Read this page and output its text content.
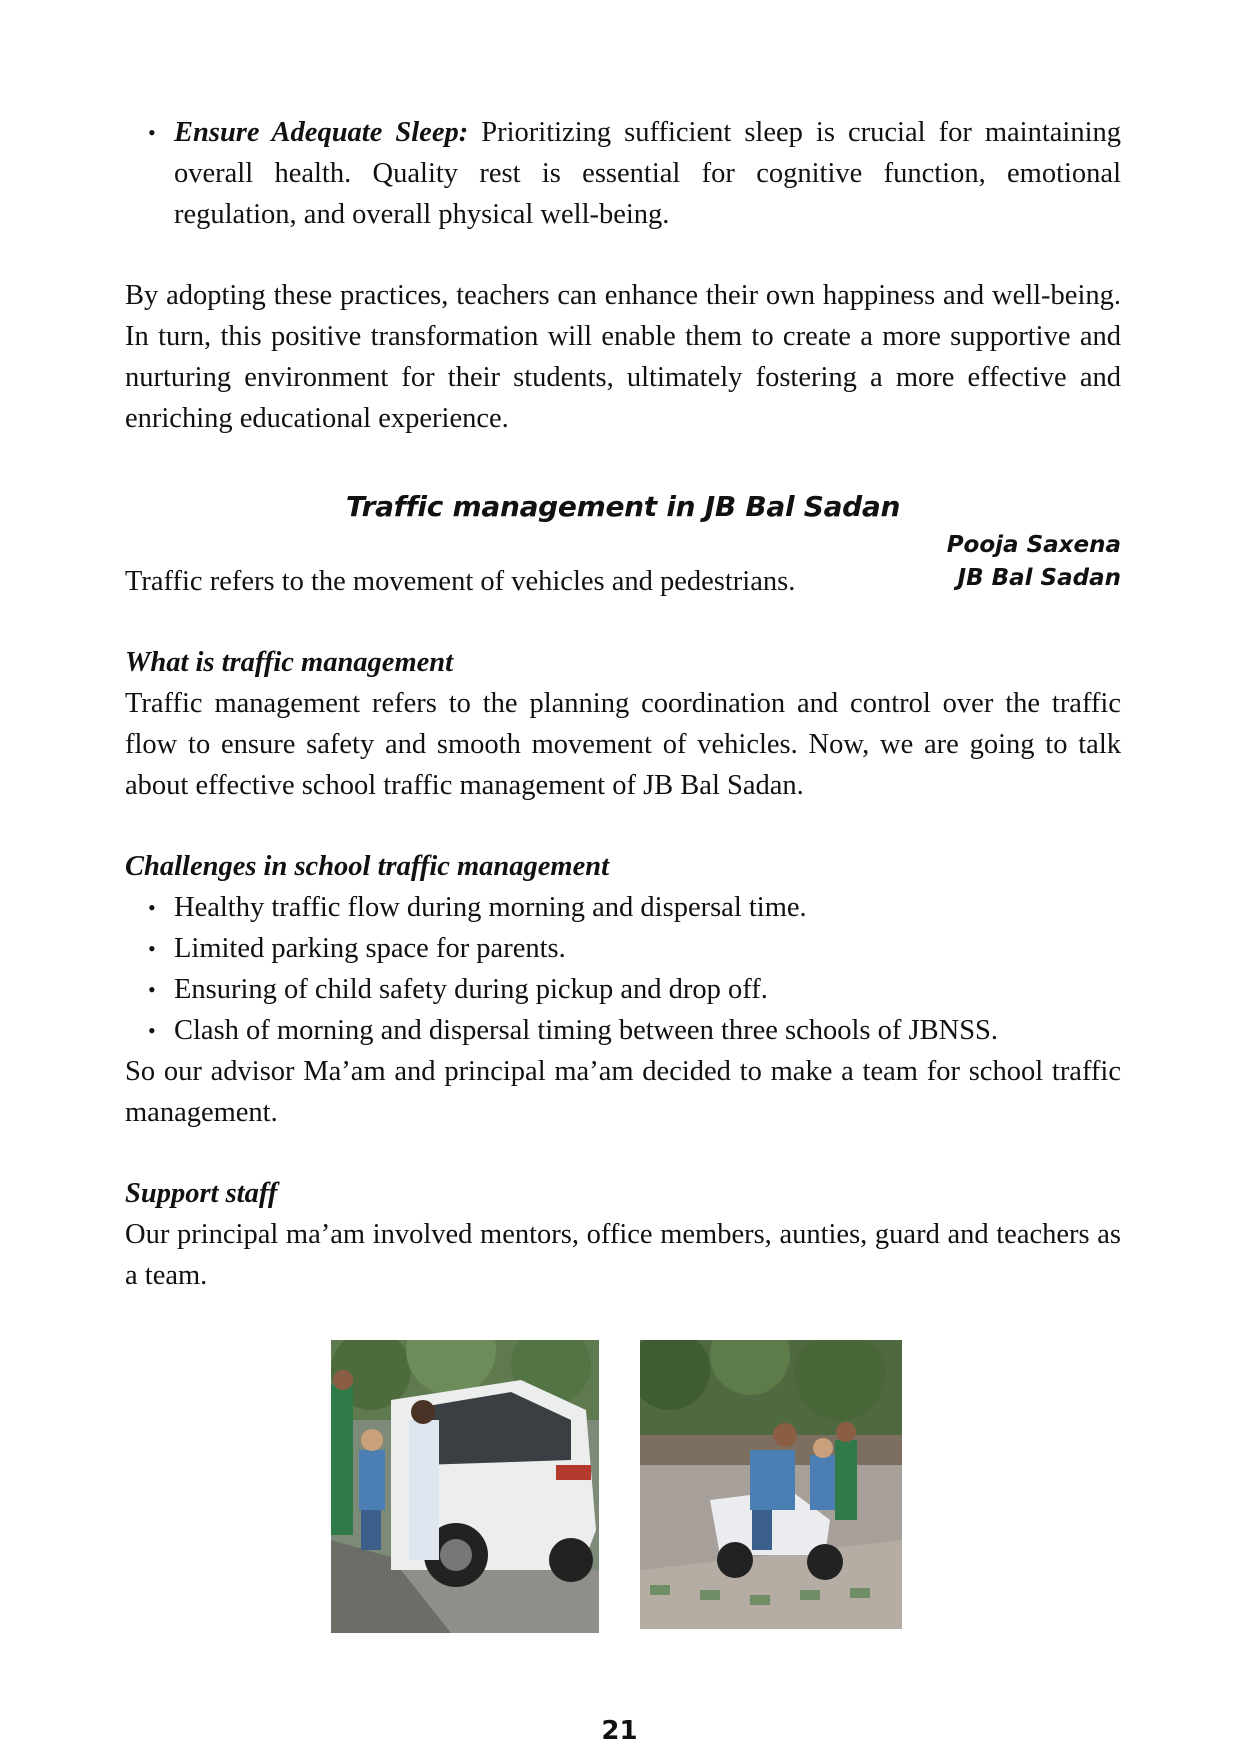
• Ensure Adequate Sleep: Prioritizing sufficient sleep is crucial for maintaining overall health. Quality rest is essential for cognitive function, emotional regulation, and overall physical well-being.

By adopting these practices, teachers can enhance their own happiness and well-being. In turn, this positive transformation will enable them to create a more supportive and nurturing environment for their students, ultimately fostering a more effective and enriching educational experience.

Traffic management in JB Bal Sadan
Pooja Saxena
JB Bal Sadan

Traffic refers to the movement of vehicles and pedestrians.

What is traffic management

Traffic management refers to the planning coordination and control over the traffic flow to ensure safety and smooth movement of vehicles. Now, we are going to talk about effective school traffic management of JB Bal Sadan.

Challenges in school traffic management

• Healthy traffic flow during morning and dispersal time.
• Limited parking space for parents.
• Ensuring of child safety during pickup and drop off.
• Clash of morning and dispersal timing between three schools of JBNSS.

So our advisor Ma’am and principal ma’am decided to make a team for school traffic management.

Support staff

Our principal ma’am involved mentors, office members, aunties, guard and teachers as a team.

21
